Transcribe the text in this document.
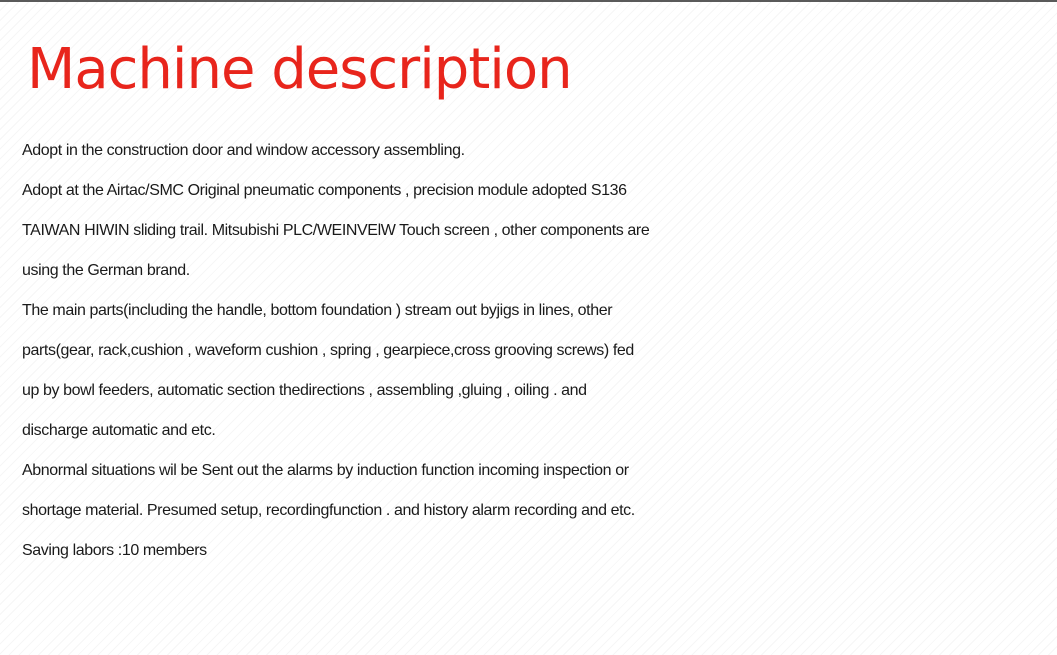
Machine description
Adopt in the construction door and window accessory assembling.
Adopt at the Airtac/SMC Original pneumatic components , precision module adopted S136
TAIWAN HIWIN sliding trail. Mitsubishi PLC/WEINVElW Touch screen , other components are
using the German brand.
The main parts(including the handle, bottom foundation ) stream out byjigs in lines, other
parts(gear, rack,cushion , waveform cushion , spring , gearpiece,cross grooving screws) fed
up by bowl feeders, automatic section thedirections , assembling ,gluing , oiling . and
discharge automatic and etc.
Abnormal situations wil be Sent out the alarms by induction function incoming inspection or
shortage material. Presumed setup, recordingfunction . and history alarm recording and etc.
Saving labors :10 members
